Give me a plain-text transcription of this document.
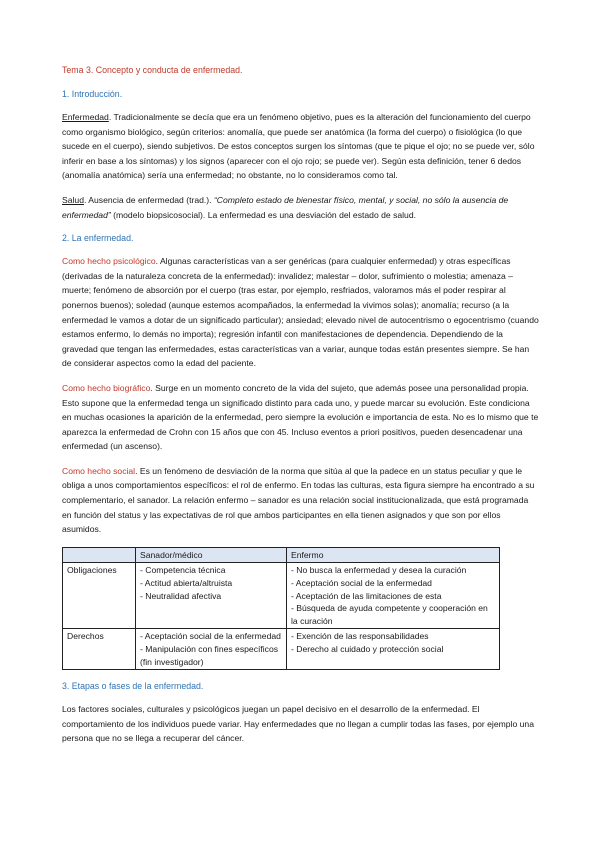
Tema 3. Concepto y conducta de enfermedad.

1. Introducción.

Enfermedad. Tradicionalmente se decía que era un fenómeno objetivo, pues es la alteración del funcionamiento del cuerpo como organismo biológico, según criterios: anomalía, que puede ser anatómica (la forma del cuerpo) o fisiológica (lo que sucede en el cuerpo), siendo subjetivos. De estos conceptos surgen los síntomas (que te pique el ojo; no se puede ver, sólo inferir en base a los síntomas) y los signos (aparecer con el ojo rojo; se puede ver). Según esta definición, tener 6 dedos (anomalía anatómica) sería una enfermedad; no obstante, no lo consideramos como tal.

Salud. Ausencia de enfermedad (trad.). “Completo estado de bienestar físico, mental, y social, no sólo la ausencia de enfermedad” (modelo biopsicosocial). La enfermedad es una desviación del estado de salud.

2. La enfermedad.

Como hecho psicológico. Algunas características van a ser genéricas (para cualquier enfermedad) y otras específicas (derivadas de la naturaleza concreta de la enfermedad): invalidez; malestar – dolor, sufrimiento o molestia; amenaza – muerte; fenómeno de absorción por el cuerpo (tras estar, por ejemplo, resfriados, valoramos más el poder respirar al ponernos buenos); soledad (aunque estemos acompañados, la enfermedad la vivimos solas); anomalía; recurso (a la enfermedad le vamos a dotar de un significado particular); ansiedad; elevado nivel de autocentrismo o egocentrismo (cuando estamos enfermo, lo demás no importa); regresión infantil con manifestaciones de dependencia. Dependiendo de la gravedad que tengan las enfermedades, estas características van a variar, aunque todas están presentes siempre. Se han de considerar aspectos como la edad del paciente.

Como hecho biográfico. Surge en un momento concreto de la vida del sujeto, que además posee una personalidad propia. Esto supone que la enfermedad tenga un significado distinto para cada uno, y puede marcar su evolución. Este condiciona en muchas ocasiones la aparición de la enfermedad, pero siempre la evolución e importancia de esta. No es lo mismo que te aparezca la enfermedad de Crohn con 15 años que con 45. Incluso eventos a priori positivos, pueden desencadenar una enfermedad (un ascenso).

Como hecho social. Es un fenómeno de desviación de la norma que sitúa al que la padece en un status peculiar y que le obliga a unos comportamientos específicos: el rol de enfermo. En todas las culturas, esta figura siempre ha encontrado a su complementario, el sanador. La relación enfermo – sanador es una relación social institucionalizada, que está programada en función del status y las expectativas de rol que ambos participantes en ella tienen asignados y que son por ellos asumidos.

	Sanador/médico	Enfermo
Obligaciones	- Competencia técnica
- Actitud abierta/altruista
- Neutralidad afectiva	- No busca la enfermedad y desea la curación
- Aceptación social de la enfermedad
- Aceptación de las limitaciones de esta
- Búsqueda de ayuda competente y cooperación en la curación

Derechos	- Aceptación social de la enfermedad
- Manipulación con fines específicos (fin investigador)	- Exención de las responsabilidades
- Derecho al cuidado y protección social

3. Etapas o fases de la enfermedad.

Los factores sociales, culturales y psicológicos juegan un papel decisivo en el desarrollo de la enfermedad. El comportamiento de los individuos puede variar. Hay enfermedades que no llegan a cumplir todas las fases, por ejemplo una persona que no se llega a recuperar del cáncer.
